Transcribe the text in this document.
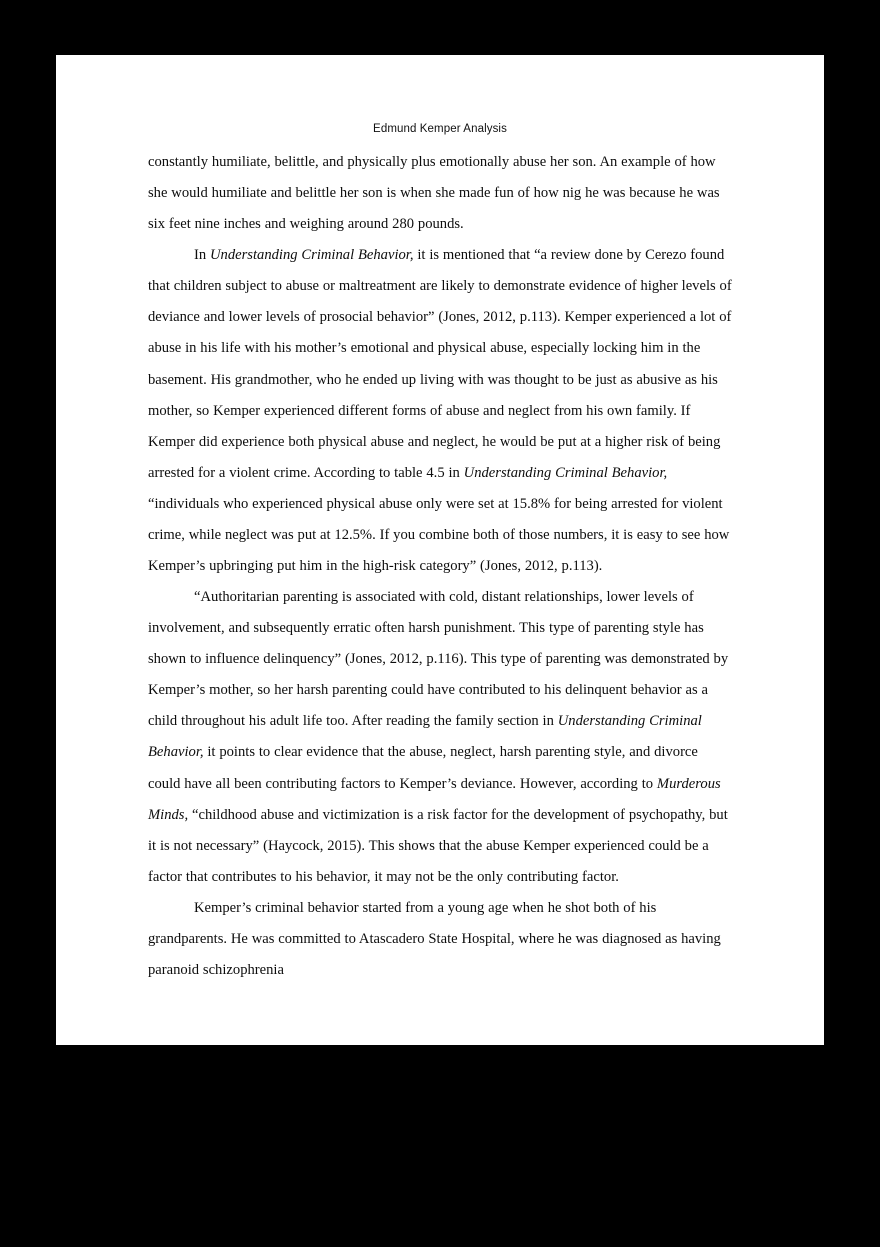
Edmund Kemper Analysis

constantly humiliate, belittle, and physically plus emotionally abuse her son. An example of how she would humiliate and belittle her son is when she made fun of how nig he was because he was six feet nine inches and weighing around 280 pounds.

In Understanding Criminal Behavior, it is mentioned that “a review done by Cerezo found that children subject to abuse or maltreatment are likely to demonstrate evidence of higher levels of deviance and lower levels of prosocial behavior” (Jones, 2012, p.113). Kemper experienced a lot of abuse in his life with his mother’s emotional and physical abuse, especially locking him in the basement. His grandmother, who he ended up living with was thought to be just as abusive as his mother, so Kemper experienced different forms of abuse and neglect from his own family. If Kemper did experience both physical abuse and neglect, he would be put at a higher risk of being arrested for a violent crime. According to table 4.5 in Understanding Criminal Behavior, “individuals who experienced physical abuse only were set at 15.8% for being arrested for violent crime, while neglect was put at 12.5%. If you combine both of those numbers, it is easy to see how Kemper’s upbringing put him in the high-risk category” (Jones, 2012, p.113).

“Authoritarian parenting is associated with cold, distant relationships, lower levels of involvement, and subsequently erratic often harsh punishment. This type of parenting style has shown to influence delinquency” (Jones, 2012, p.116). This type of parenting was demonstrated by Kemper’s mother, so her harsh parenting could have contributed to his delinquent behavior as a child throughout his adult life too. After reading the family section in Understanding Criminal Behavior, it points to clear evidence that the abuse, neglect, harsh parenting style, and divorce could have all been contributing factors to Kemper’s deviance. However, according to Murderous Minds, “childhood abuse and victimization is a risk factor for the development of psychopathy, but it is not necessary” (Haycock, 2015). This shows that the abuse Kemper experienced could be a factor that contributes to his behavior, it may not be the only contributing factor.

Kemper’s criminal behavior started from a young age when he shot both of his grandparents. He was committed to Atascadero State Hospital, where he was diagnosed as having paranoid schizophrenia
